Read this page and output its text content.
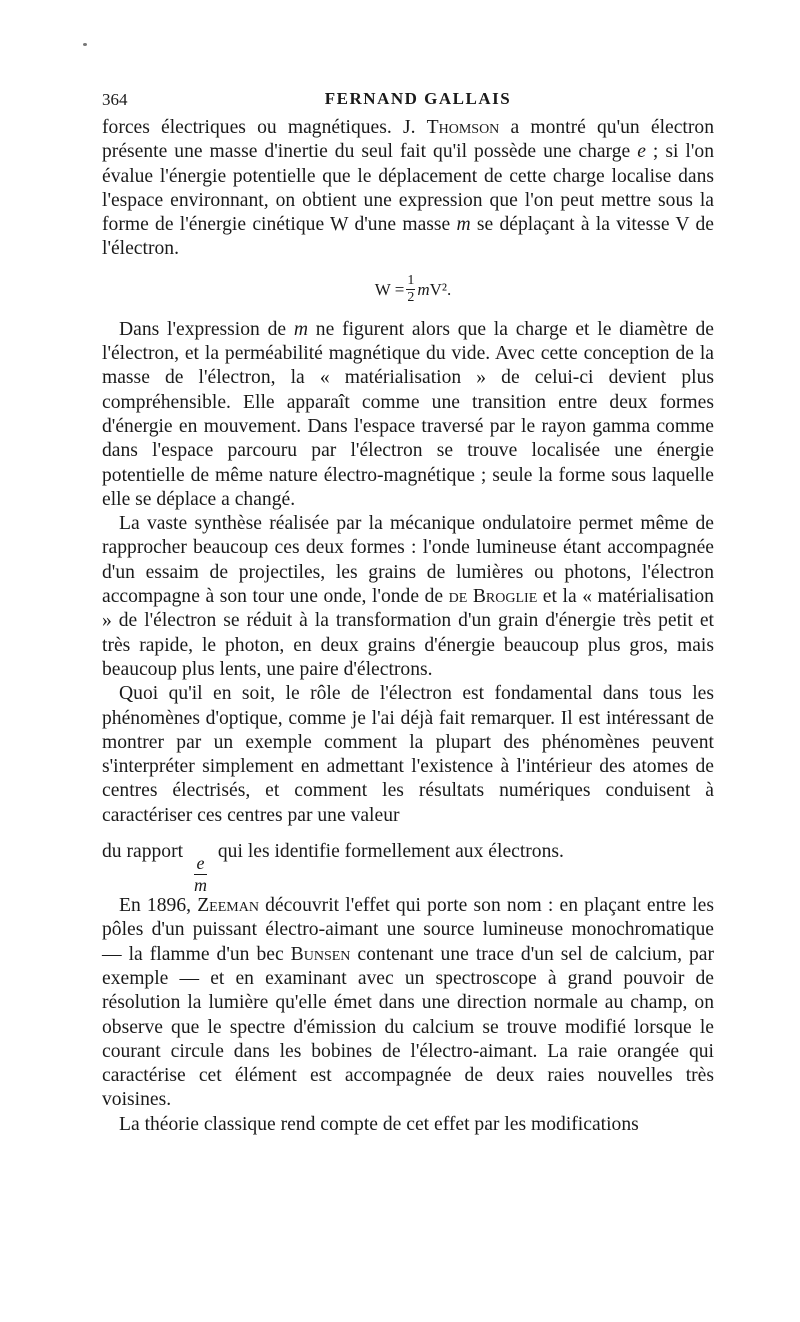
364	FERNAND GALLAIS

forces électriques ou magnétiques. J. Thomson a montré qu'un électron présente une masse d'inertie du seul fait qu'il possède une charge e ; si l'on évalue l'énergie potentielle que le déplacement de cette charge localise dans l'espace environnant, on obtient une expression que l'on peut mettre sous la forme de l'énergie cinétique W d'une masse m se déplaçant à la vitesse V de l'électron.

$W = \frac{1}{2}$ m V².

Dans l'expression de m ne figurent alors que la charge et le diamètre de l'électron, et la perméabilité magnétique du vide. Avec cette conception de la masse de l'électron, la « matérialisation » de celui-ci devient plus compréhensible. Elle apparaît comme une transition entre deux formes d'énergie en mouvement. Dans l'espace traversé par le rayon gamma comme dans l'espace parcouru par l'électron se trouve localisée une énergie potentielle de même nature électro-magnétique ; seule la forme sous laquelle elle se déplace a changé.

La vaste synthèse réalisée par la mécanique ondulatoire permet même de rapprocher beaucoup ces deux formes : l'onde lumineuse étant accompagnée d'un essaim de projectiles, les grains de lumières ou photons, l'électron accompagne à son tour une onde, l'onde de de Broglie et la « matérialisation » de l'électron se réduit à la transformation d'un grain d'énergie très petit et très rapide, le photon, en deux grains d'énergie beaucoup plus gros, mais beaucoup plus lents, une paire d'électrons.

Quoi qu'il en soit, le rôle de l'électron est fondamental dans tous les phénomènes d'optique, comme je l'ai déjà fait remarquer. Il est intéressant de montrer par un exemple comment la plupart des phénomènes peuvent s'interpréter simplement en admettant l'existence à l'intérieur des atomes de centres électrisés, et comment les résultats numériques conduisent à caractériser ces centres par une valeur

du rapport
$\frac{e}{m}$
qui les identifie formellement aux électrons.

En 1896, Zeeman découvrit l'effet qui porte son nom : en plaçant entre les pôles d'un puissant électro-aimant une source lumineuse monochromatique — la flamme d'un bec Bunsen contenant une trace d'un sel de calcium, par exemple — et en examinant avec un spectroscope à grand pouvoir de résolution la lumière qu'elle émet dans une direction normale au champ, on observe que le spectre d'émission du calcium se trouve modifié lorsque le courant circule dans les bobines de l'électro-aimant. La raie orangée qui caractérise cet élément est accompagnée de deux raies nouvelles très voisines.

La théorie classique rend compte de cet effet par les modifications
